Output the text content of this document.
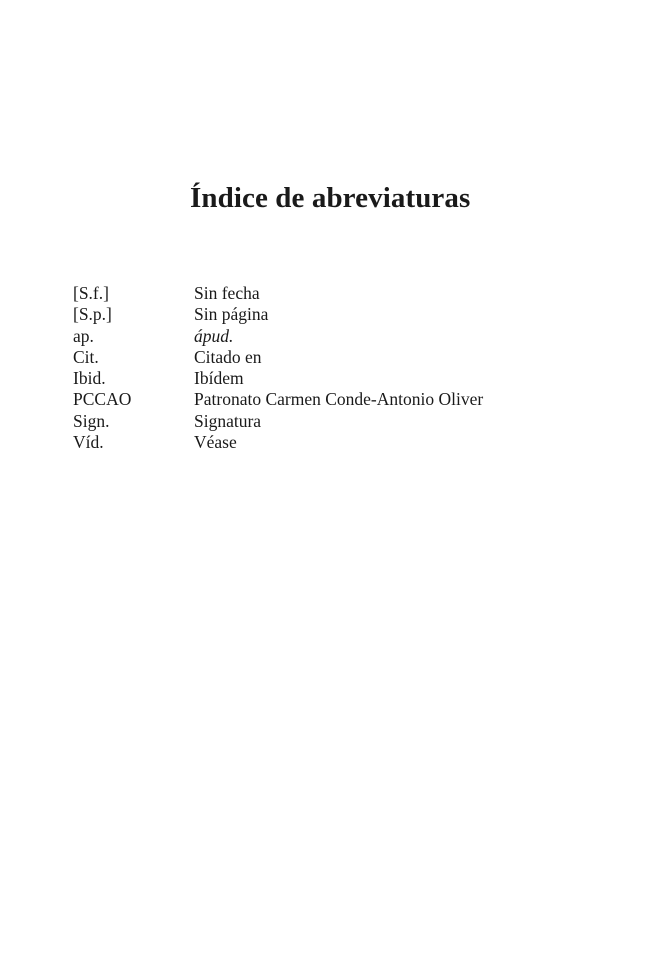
Índice de abreviaturas
[S.f.]	Sin fecha
[S.p.]	Sin página
ap.	ápud.
Cit.	Citado en
Ibid.	Ibídem
PCCAO	Patronato Carmen Conde-Antonio Oliver
Sign.	Signatura
Víd.	Véase
